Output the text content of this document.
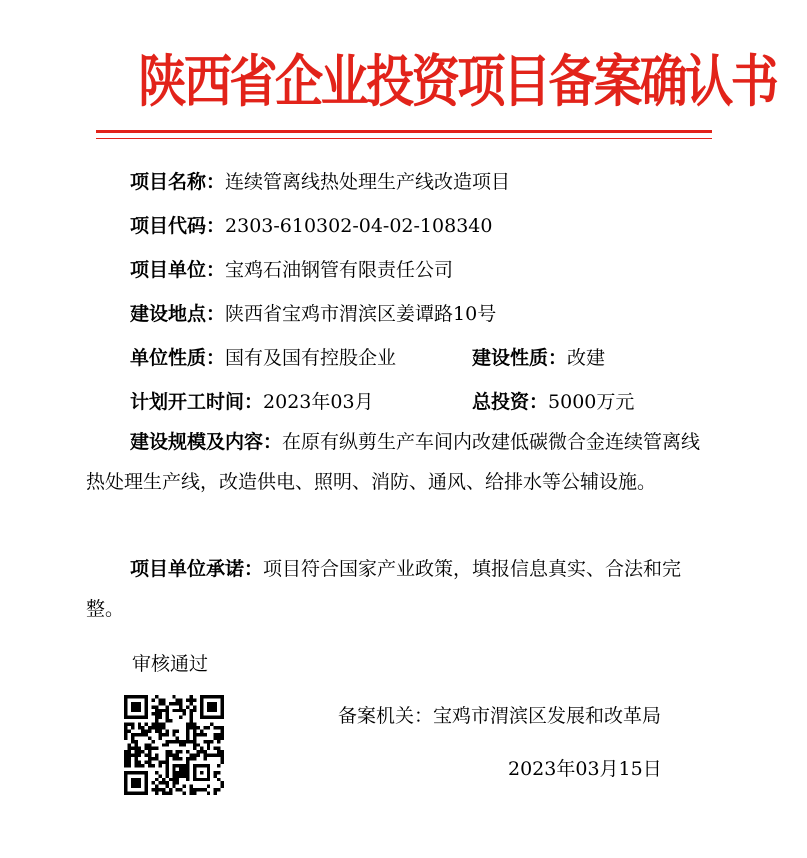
陕西省企业投资项目备案确认书
项目名称：连续管离线热处理生产线改造项目
项目代码：2303-610302-04-02-108340
项目单位：宝鸡石油钢管有限责任公司
建设地点：陕西省宝鸡市渭滨区姜谭路10号
单位性质：国有及国有控股企业	建设性质：改建
计划开工时间：2023年03月	总投资：5000万元
建设规模及内容：在原有纵剪生产车间内改建低碳微合金连续管离线热处理生产线，改造供电、照明、消防、通风、给排水等公辅设施。
项目单位承诺：项目符合国家产业政策，填报信息真实、合法和完整。
审核通过
备案机关：宝鸡市渭滨区发展和改革局
2023年03月15日
